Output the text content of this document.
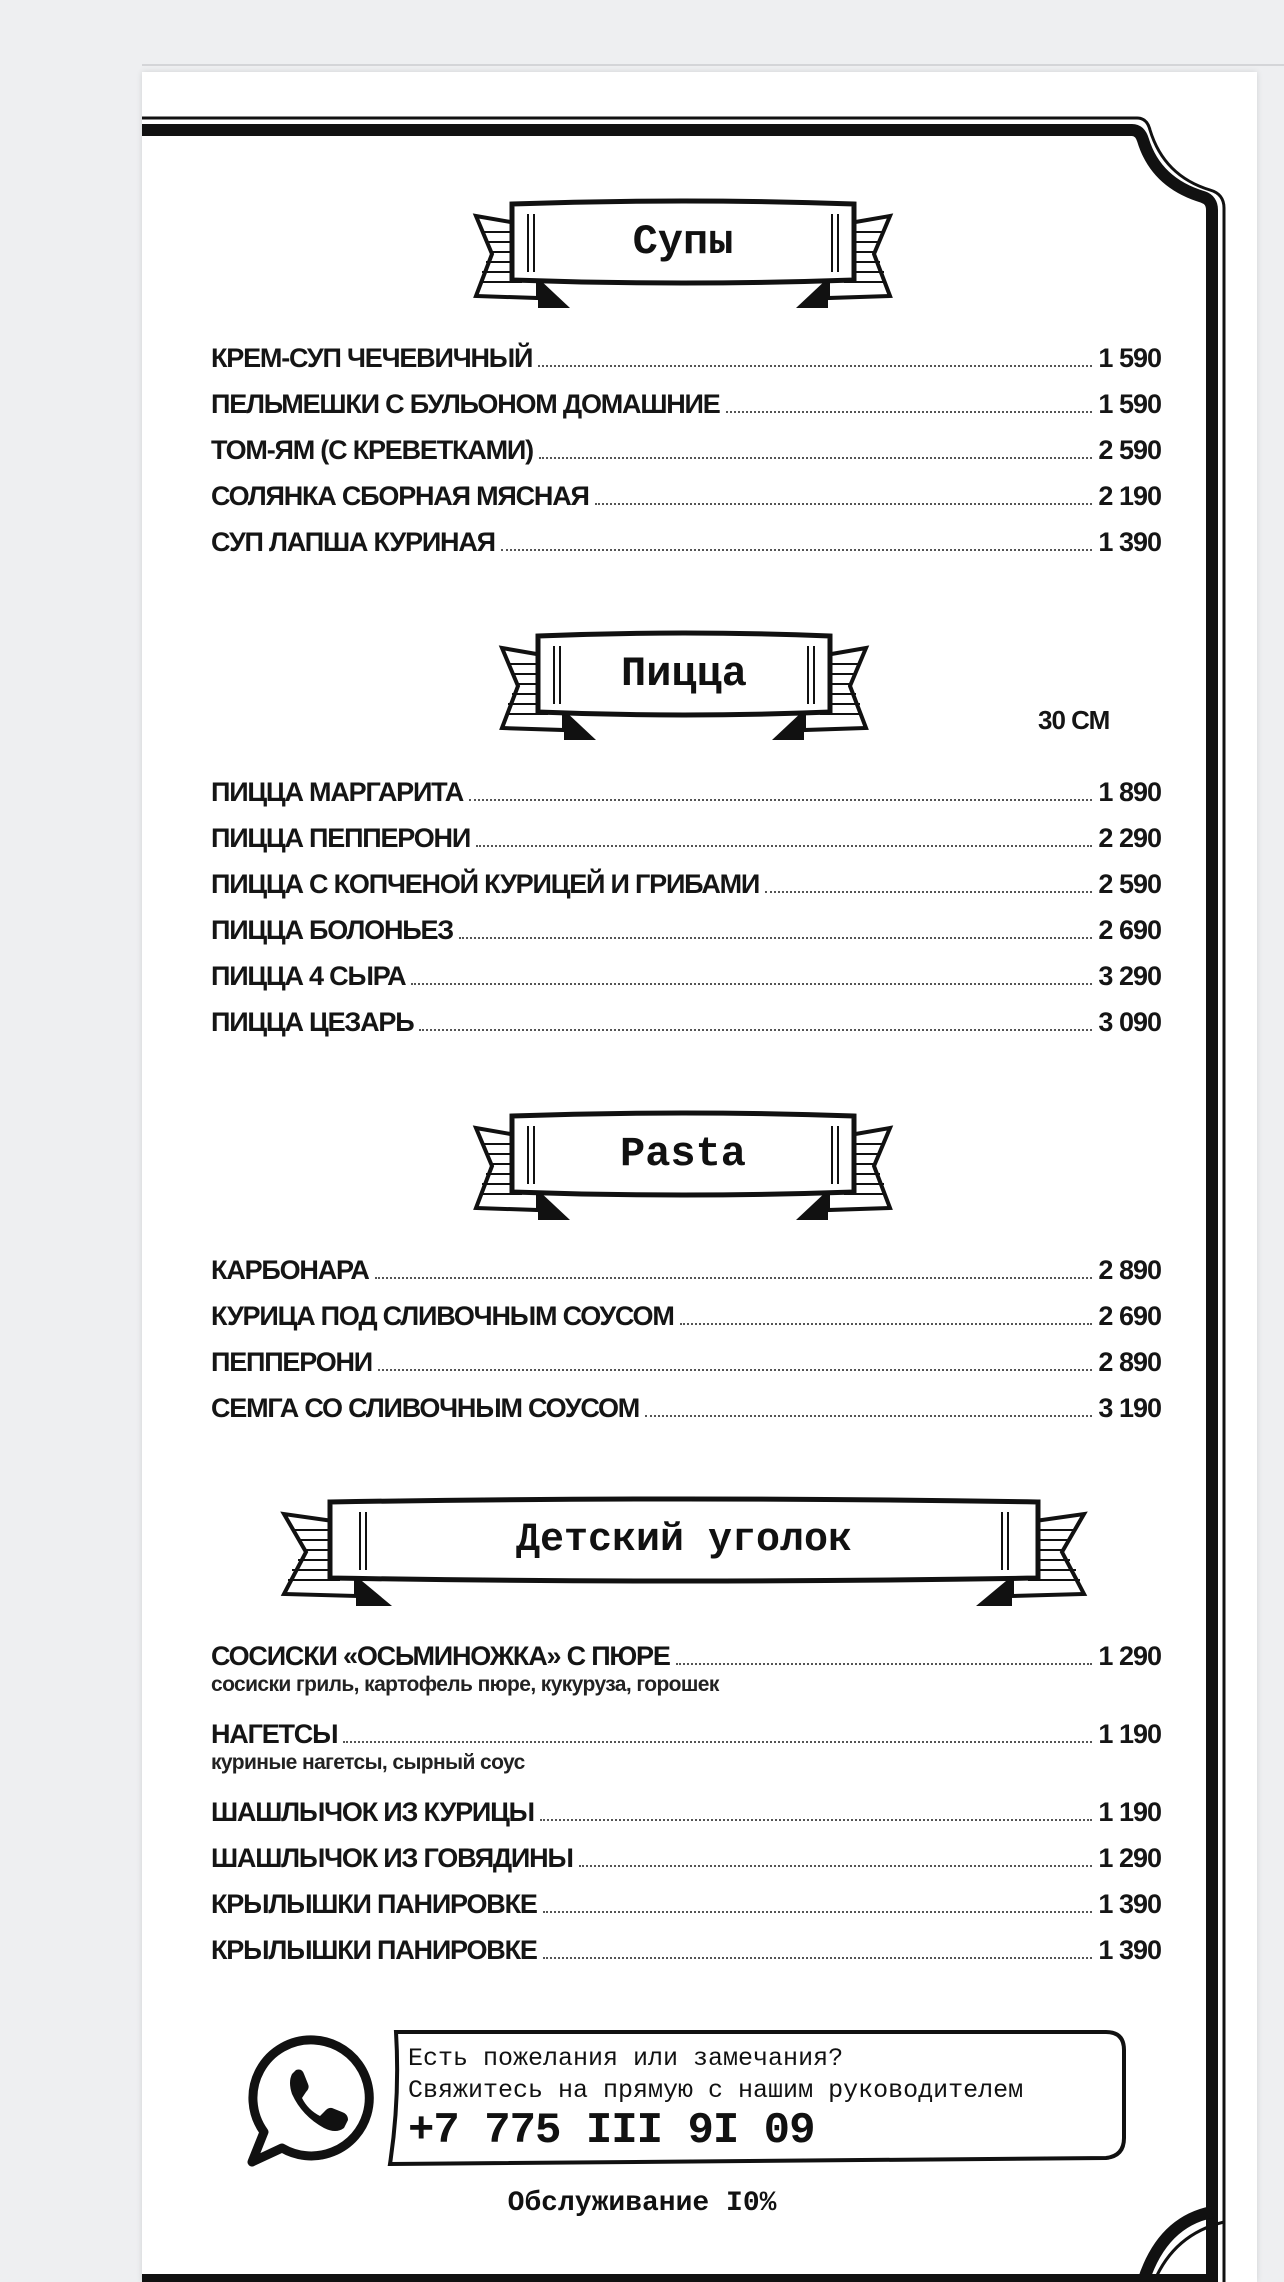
Супы
КРЕМ-СУП ЧЕЧЕВИЧНЫЙ	1 590
ПЕЛЬМЕШКИ С БУЛЬОНОМ ДОМАШНИЕ	1 590
ТОМ-ЯМ (С КРЕВЕТКАМИ)	2 590
СОЛЯНКА СБОРНАЯ МЯСНАЯ	2 190
СУП ЛАПША КУРИНАЯ	1 390
Пицца
30 СМ
ПИЦЦА МАРГАРИТА	1 890
ПИЦЦА ПЕППЕРОНИ	2 290
ПИЦЦА С КОПЧЕНОЙ КУРИЦЕЙ И ГРИБАМИ	2 590
ПИЦЦА БОЛОНЬЕЗ	2 690
ПИЦЦА 4 СЫРА	3 290
ПИЦЦА ЦЕЗАРЬ	3 090
Pasta
КАРБОНАРА	2 890
КУРИЦА ПОД СЛИВОЧНЫМ СОУСОМ	2 690
ПЕППЕРОНИ	2 890
СЕМГА СО СЛИВОЧНЫМ СОУСОМ	3 190
Детский уголок
СОСИСКИ «ОСЬМИНОЖКА» С ПЮРЕ	1 290
сосиски гриль, картофель пюре, кукуруза, горошек
НАГЕТСЫ	1 190
куриные нагетсы, сырный соус
ШАШЛЫЧОК ИЗ КУРИЦЫ	1 190
ШАШЛЫЧОК ИЗ ГОВЯДИНЫ	1 290
КРЫЛЫШКИ ПАНИРОВКЕ	1 390
КРЫЛЫШКИ ПАНИРОВКЕ	1 390
Есть пожелания или замечания?
Свяжитесь на прямую с нашим руководителем
+7 775 III 9I 09
Обслуживание I0%
